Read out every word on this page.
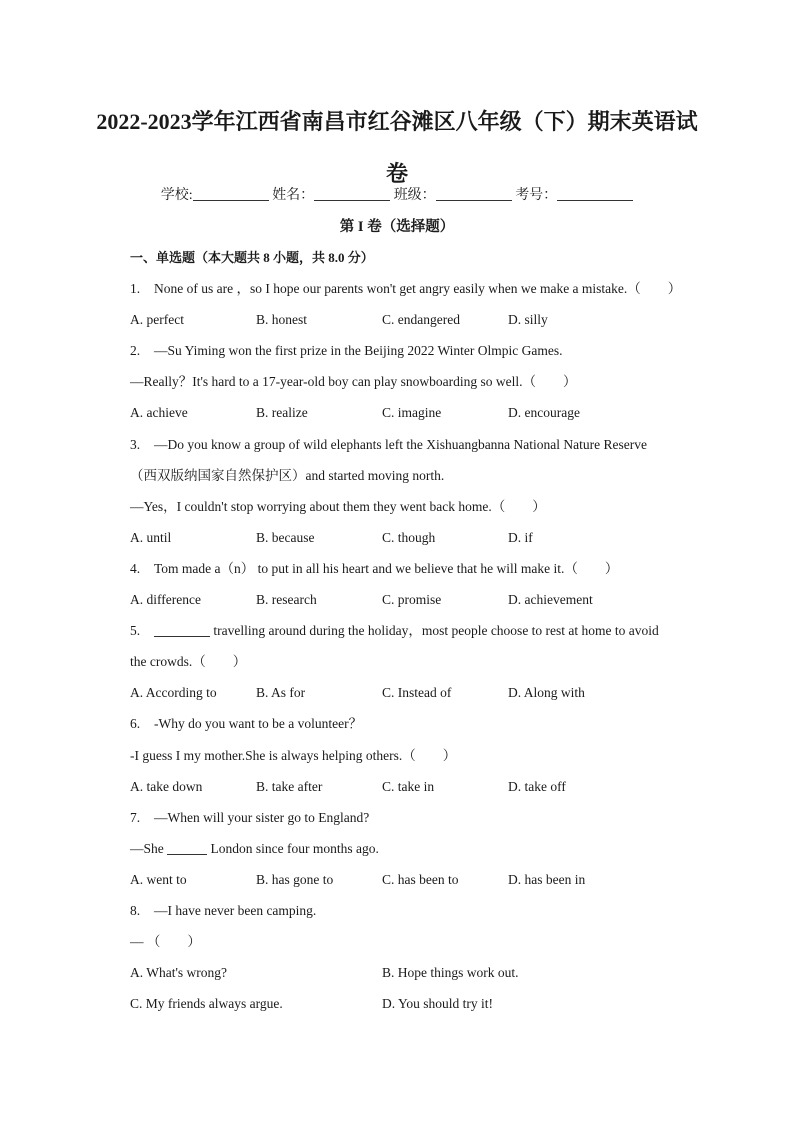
2022-2023学年江西省南昌市红谷滩区八年级（下）期末英语试
卷
学校:	姓名：	班级：	考号：
第 I 卷（选择题）
一、单选题（本大题共 8 小题，共 8.0 分）
1. None of us are ，so I hope our parents won't get angry easily when we make a mistake.（　　）
A. perfect	B. honest	C. endangered	D. silly
2. —Su Yiming won the first prize in the Beijing 2022 Winter Olmpic Games.
—Really？It's hard to a 17-year-old boy can play snowboarding so well.（　　）
A. achieve	B. realize	C. imagine	D. encourage
3. —Do you know a group of wild elephants left the Xishuangbanna National Nature Reserve
（西双版纳国家自然保护区）and started moving north.
—Yes，I couldn't stop worrying about them they went back home.（　　）
A. until	B. because	C. though	D. if
4. Tom made a（n） to put in all his heart and we believe that he will make it.（　　）
A. difference	B. research	C. promise	D. achievement
5.	travelling around during the holiday，most people choose to rest at home to avoid
the crowds.（　　）
A. According to	B. As for	C. Instead of	D. Along with
6. -Why do you want to be a volunteer？
-I guess I my mother.She is always helping others.（　　）
A. take down	B. take after	C. take in	D. take off
7. —When will your sister go to England?
—She	London since four months ago.
A. went to	B. has gone to	C. has been to	D. has been in
8. —I have never been camping.
— （　　）
A. What's wrong?	B. Hope things work out.
C. My friends always argue.	D. You should try it!
